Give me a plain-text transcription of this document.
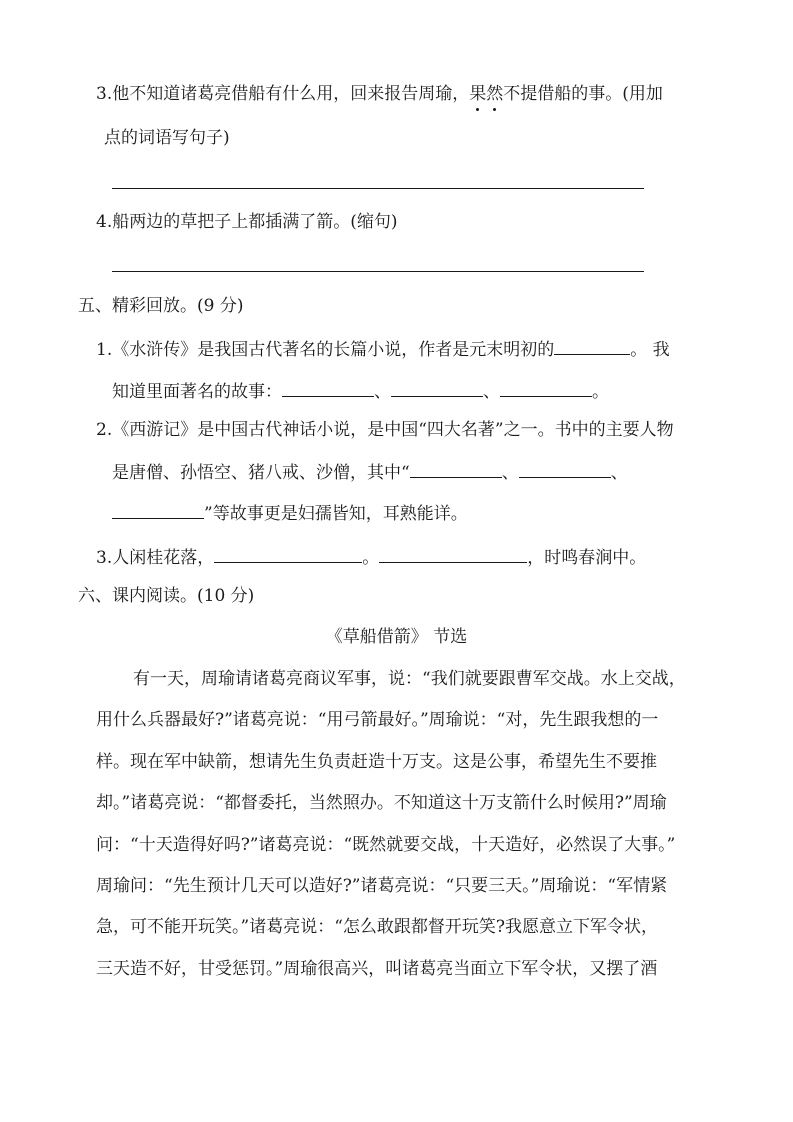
3.他不知道诸葛亮借船有什么用，回来报告周瑜，果然不提借船的事。(用加
点的词语写句子)
4.船两边的草把子上都插满了箭。(缩句)
五、精彩回放。(9 分)
1.《水浒传》是我国古代著名的长篇小说，作者是元末明初的	。 我
知道里面著名的故事：	、	、	。
2.《西游记》是中国古代神话小说，是中国“四大名著”之一。书中的主要人物
是唐僧、孙悟空、猪八戒、沙僧，其中“	、	、
”等故事更是妇孺皆知，耳熟能详。
3.人闲桂花落，	。	，时鸣春涧中。
六、课内阅读。(10 分)
《草船借箭》 节选
有一天，周瑜请诸葛亮商议军事，说：“我们就要跟曹军交战。水上交战，
用什么兵器最好?”诸葛亮说：“用弓箭最好。”周瑜说：“对，先生跟我想的一
样。现在军中缺箭，想请先生负责赶造十万支。这是公事，希望先生不要推
却。”诸葛亮说：“都督委托，当然照办。不知道这十万支箭什么时候用?”周瑜
问：“十天造得好吗?”诸葛亮说：“既然就要交战，十天造好，必然误了大事。”
周瑜问：“先生预计几天可以造好?”诸葛亮说：“只要三天。”周瑜说：“军情紧
急，可不能开玩笑。”诸葛亮说：“怎么敢跟都督开玩笑?我愿意立下军令状，
三天造不好，甘受惩罚。”周瑜很高兴，叫诸葛亮当面立下军令状，又摆了酒
